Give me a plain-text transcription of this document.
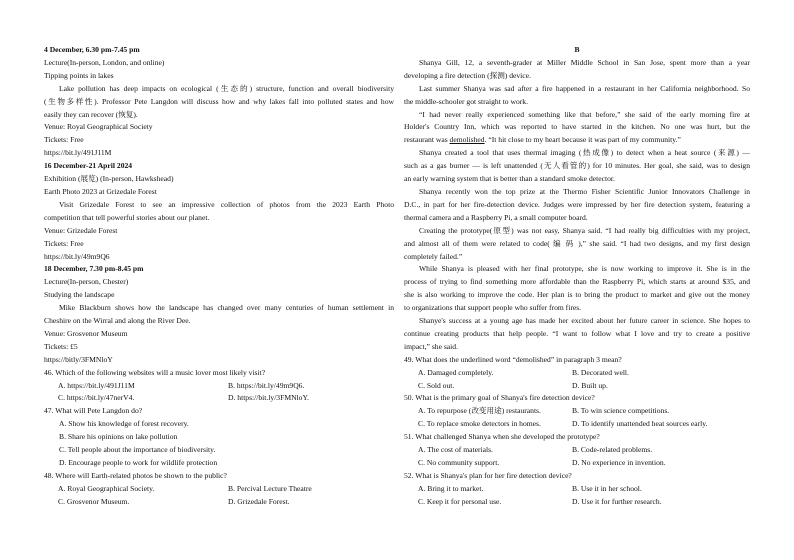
4 December, 6.30 pm-7.45 pm
Lecture(In-person, London, and online)
Tipping points in lakes
Lake pollution has deep impacts on ecological (生态的) structure, function and overall biodiversity
(生物多样性). Professor Pete Langdon will discuss how and why lakes fall into polluted states and how
easily they can recover (恢复).
Venue: Royal Geographical Society
Tickets: Free
https://bit.ly/491J11M
16 December-21 April 2024
Exhibition (展览) (In-person, Hawkshead)
Earth Photo 2023 at Grizedale Forest
Visit Grizedale Forest to see an impressive collection of photos from the 2023 Earth Photo
competition that tell powerful stories about our planet.
Venue: Grizedale Forest
Tickets: Free
https://bit.ly/49m9Q6
18 December, 7.30 pm-8.45 pm
Lecture(In-person, Chester)
Studying the landscape
Mike Blackburn shows how the landscape has changed over many centuries of human settlement in
Cheshire on the Wirral and along the River Dee.
Venue: Grosvenor Museum
Tickets: £5
https://bitly/3FMNloY
46. Which of the following websites will a music lover most likely visit?
A. https://bit.ly/491J11M	B. https://bit.ly/49m9Q6.
C. https://bit.ly/47nerV4.	D. https://bit.ly/3FMNloY.
47. What will Pete Langdon do?
A. Show his knowledge of forest recovery.
B. Share his opinions on lake pollution
C. Tell people about the importance of biodiversity.
D. Encourage people to work for wildlife protection
48. Where will Earth-related photos be shown to the public?
A. Royal Geographical Society.	B. Percival Lecture Theatre
C. Grosvenor Museum.	D. Grizedale Forest.
B
Shanya Gill, 12, a seventh-grader at Miller Middle School in San Jose, spent more than a year
developing a fire detection (探测) device.
Last summer Shanya was sad after a fire happened in a restaurant in her California neighborhood. So
the middle-schooler got straight to work.
“I had never really experienced something like that before,” she said of the early morning fire at
Holder's Country Inn, which was reported to have started in the kitchen. No one was hurt, but the
restaurant was demolished. “It hit close to my heart because it was part of my community.”
Shanya created a tool that uses thermal imaging (热成像) to detect when a heat source (来源) —
such as a gas burner — is left unattended (无人看管的) for 10 minutes. Her goal, she said, was to design
an early warning system that is better than a standard smoke detector.
Shanya recently won the top prize at the Thermo Fisher Scientific Junior Innovators Challenge in
D.C., in part for her fire-detection device. Judges were impressed by her fire detection system, featuring a
thermal camera and a Raspberry Pi, a small computer board.
Creating the prototype(原型) was not easy, Shanya said. “I had really big difficulties with my project,
and almost all of them were related to code( 编 码 ),” she said. “I had two designs, and my first design
completely failed.”
While Shanya is pleased with her final prototype, she is now working to improve it. She is in the
process of trying to find something more affordable than the Raspberry Pi, which starts at around $35, and
she is also working to improve the code. Her plan is to bring the product to market and give out the money
to organizations that support people who suffer from fires.
Shanye's success at a young age has made her excited about her future career in science. She hopes to
continue creating products that help people. “I want to follow what I love and try to create a positive
impact,” she said.
49. What does the underlined word “demolished” in paragraph 3 mean?
A. Damaged completely.	B. Decorated well.
C. Sold out.	D. Built up.
50. What is the primary goal of Shanya's fire detection device?
A. To repurpose (改变用途) restaurants.	B. To win science competitions.
C. To replace smoke detectors in homes.	D. To identify unattended heat sources early.
51. What challenged Shanya when she developed the prototype?
A. The cost of materials.	B. Code-related problems.
C. No community support.	D. No experience in invention.
52. What is Shanya's plan for her fire detection device?
A. Bring it to market.	B. Use it in her school.
C. Keep it for personal use.	D. Use it for further research.
